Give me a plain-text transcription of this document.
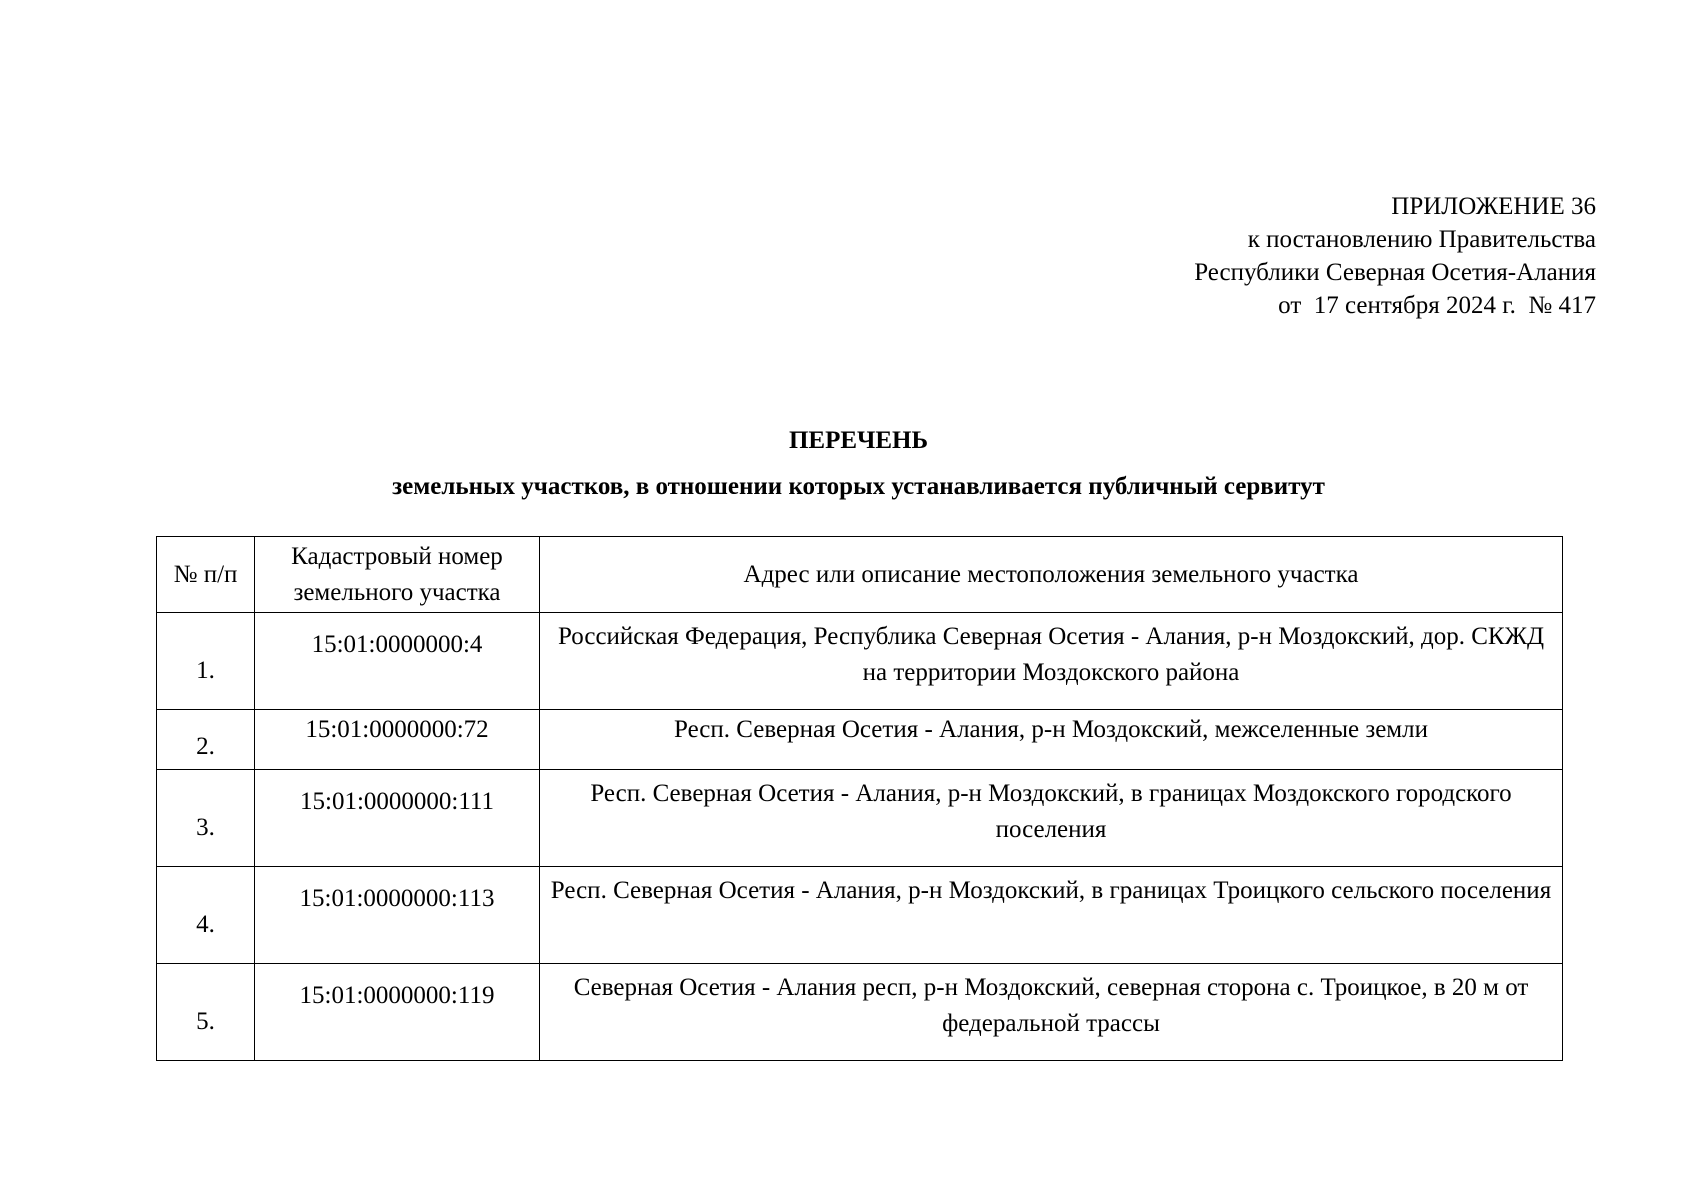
ПРИЛОЖЕНИЕ 36
к постановлению Правительства
Республики Северная Осетия-Алания
от  17 сентября 2024 г.  № 417
ПЕРЕЧЕНЬ
земельных участков, в отношении которых устанавливается публичный сервитут
№ п/п	Кадастровый номер земельного участка	Адрес или описание местоположения земельного участка
1.	15:01:0000000:4	Российская Федерация, Республика Северная Осетия - Алания, р-н Моздокский, дор. СКЖД на территории Моздокского района
2.	15:01:0000000:72	Респ. Северная Осетия - Алания, р-н Моздокский, межселенные земли
3.	15:01:0000000:111	Респ. Северная Осетия - Алания, р-н Моздокский, в границах Моздокского городского поселения
4.	15:01:0000000:113	Респ. Северная Осетия - Алания, р-н Моздокский, в границах Троицкого сельского поселения
5.	15:01:0000000:119	Северная Осетия - Алания респ, р-н Моздокский, северная сторона с. Троицкое, в 20 м от федеральной трассы
